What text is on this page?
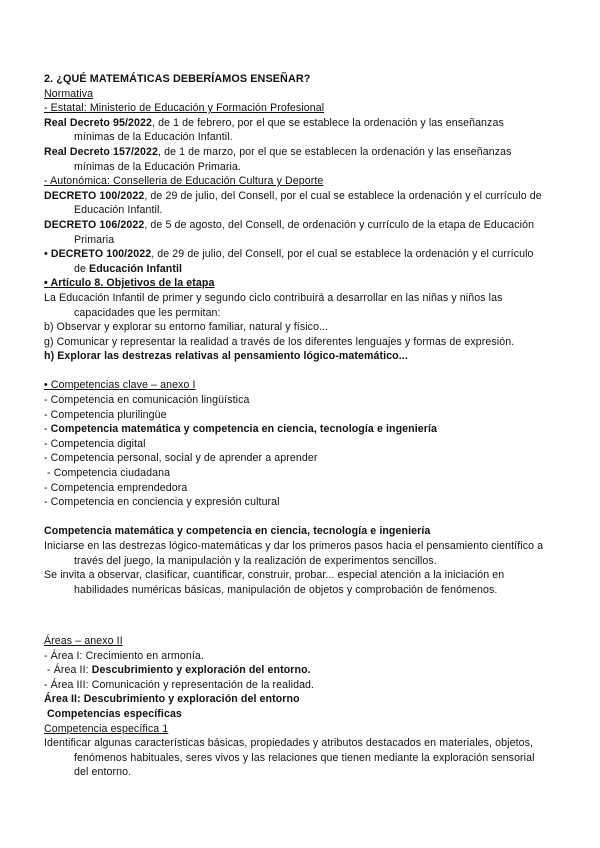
2. ¿QUÉ MATEMÁTICAS DEBERÍAMOS ENSEÑAR?
Normativa
- Estatal: Ministerio de Educación y Formación Profesional
Real Decreto 95/2022, de 1 de febrero, por el que se establece la ordenación y las enseñanzas
mínimas de la Educación Infantil.
Real Decreto 157/2022, de 1 de marzo, por el que se establecen la ordenación y las enseñanzas
mínimas de la Educación Primaria.
- Autonómica: Conselleria de Educación Cultura y Deporte
DECRETO 100/2022, de 29 de julio, del Consell, por el cual se establece la ordenación y el currículo de
Educación Infantil.
DECRETO 106/2022, de 5 de agosto, del Consell, de ordenación y currículo de la etapa de Educación
Primaria
• DECRETO 100/2022, de 29 de julio, del Consell, por el cual se establece la ordenación y el currículo
de Educación Infantil
• Artículo 8. Objetivos de la etapa
La Educación Infantil de primer y segundo ciclo contribuirá a desarrollar en las niñas y niños las
capacidades que les permitan:
b) Observar y explorar su entorno familiar, natural y físico...
g) Comunicar y representar la realidad a través de los diferentes lenguajes y formas de expresión.
h) Explorar las destrezas relativas al pensamiento lógico-matemático...
• Competencias clave – anexo I
- Competencia en comunicación lingüística
- Competencia plurilingüe
- Competencia matemática y competencia en ciencia, tecnología e ingeniería
- Competencia digital
- Competencia personal, social y de aprender a aprender
- Competencia ciudadana
- Competencia emprendedora
- Competencia en conciencia y expresión cultural
Competencia matemática y competencia en ciencia, tecnología e ingeniería
Iniciarse en las destrezas lógico-matemáticas y dar los primeros pasos hacia el pensamiento científico a
través del juego, la manipulación y la realización de experimentos sencillos.
Se invita a observar, clasificar, cuantificar, construir, probar... especial atención a la iniciación en
habilidades numéricas básicas, manipulación de objetos y comprobación de fenómenos.
Áreas – anexo II
- Área I: Crecimiento en armonía.
- Área II: Descubrimiento y exploración del entorno.
- Área III: Comunicación y representación de la realidad.
Área II: Descubrimiento y exploración del entorno
Competencias específicas
Competencia específica 1
Identificar algunas características básicas, propiedades y atributos destacados en materiales, objetos,
fenómenos habituales, seres vivos y las relaciones que tienen mediante la exploración sensorial
del entorno.
